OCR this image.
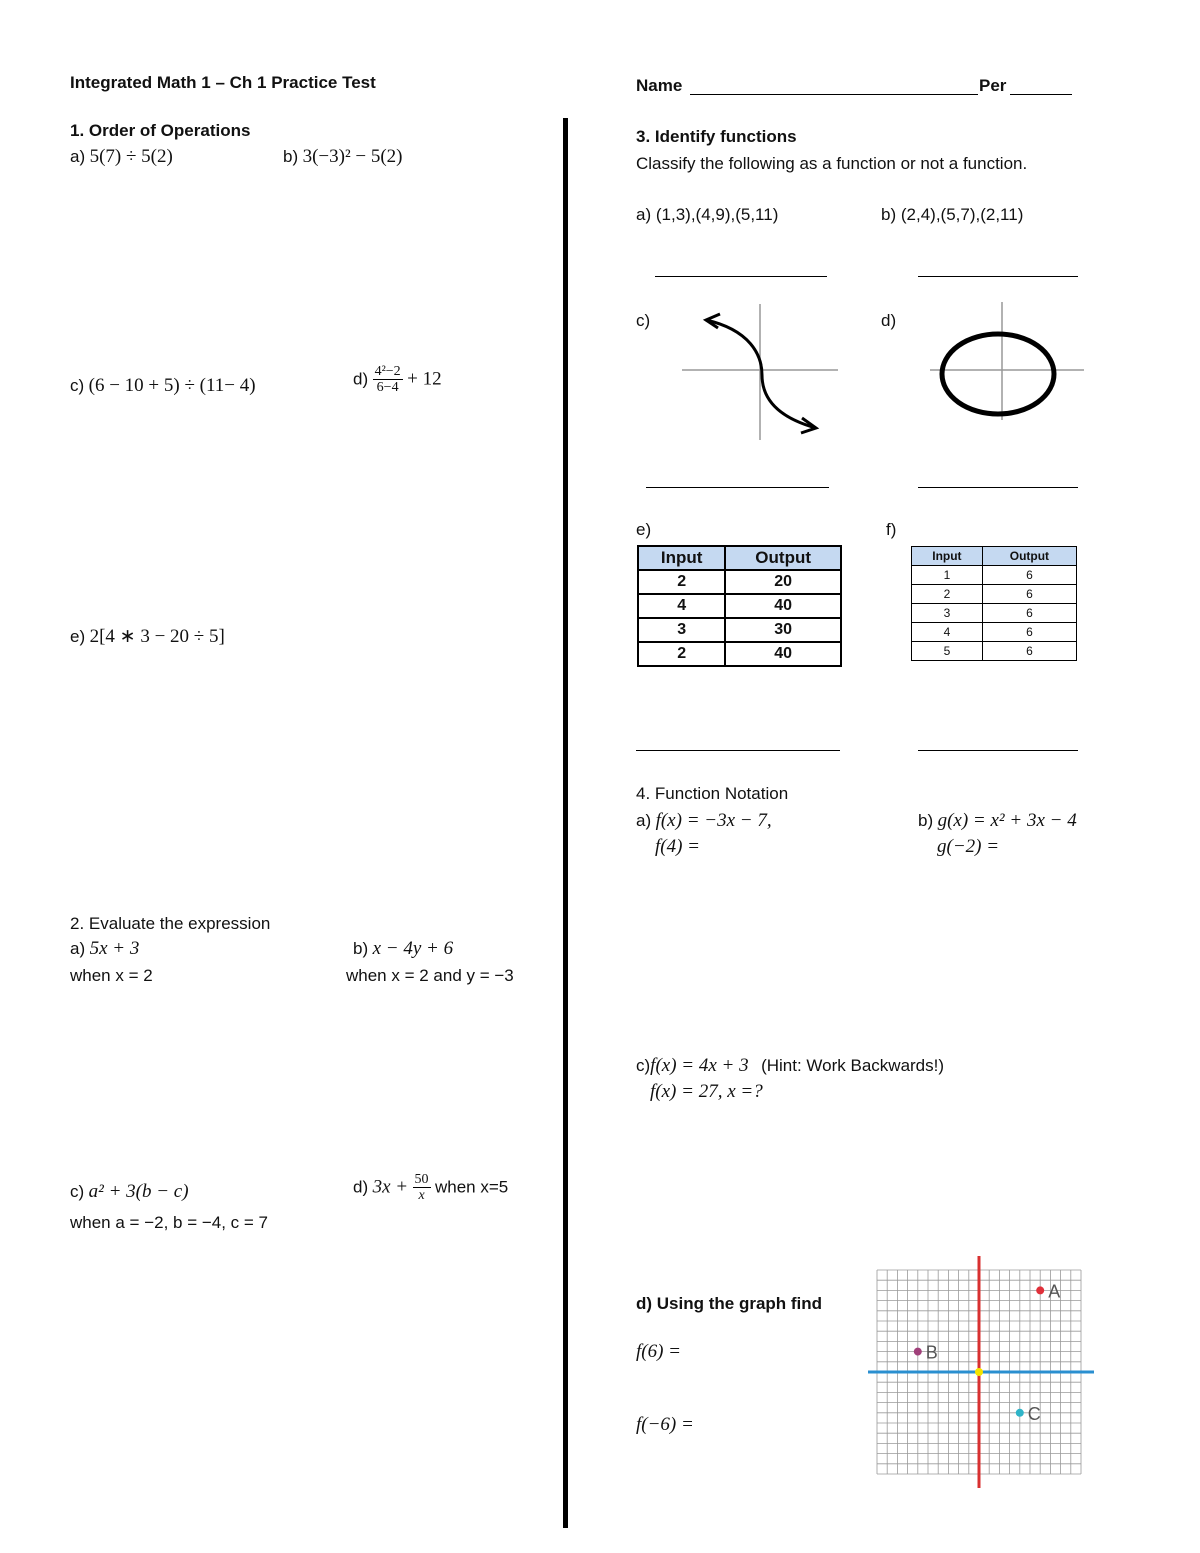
Integrated Math 1 – Ch 1 Practice Test	Name	Per
1. Order of Operations
a) 5(7) ÷ 5(2)	b) 3(−3)² − 5(2)
c) (6 − 10 + 5) ÷ (11− 4)	$d) \frac{\text{4²−2}}{6-4} + 12$
e) 2[4 ∗ 3 − 20 ÷ 5]
2. Evaluate the expression
a) 5x + 3
when x = 2
b) x − 4y + 6
when x = 2 and y = −3
c) a² + 3(b − c)
when a = −2, b = −4, c = 7
d) $3x + \frac{50}{x}$ when x=5
3. Identify functions
Classify the following as a function or not a function.
a) (1,3),(4,9),(5,11)	b) (2,4),(5,7),(2,11)
c)	d)
e)
Input	Output
2	20
4	40
3	30
2	40
f)
Input	Output
1	6
2	6
3	6
4	6
5	6
4. Function Notation
a) f(x) = −3x − 7,
f(4) =
b) g(x) = x² + 3x − 4
g(−2) =
c)f(x) = 4x + 3 (Hint: Work Backwards!)
f(x) = 27, x =?
d) Using the graph find
f(6) =
f(−6) =
A
B
C
